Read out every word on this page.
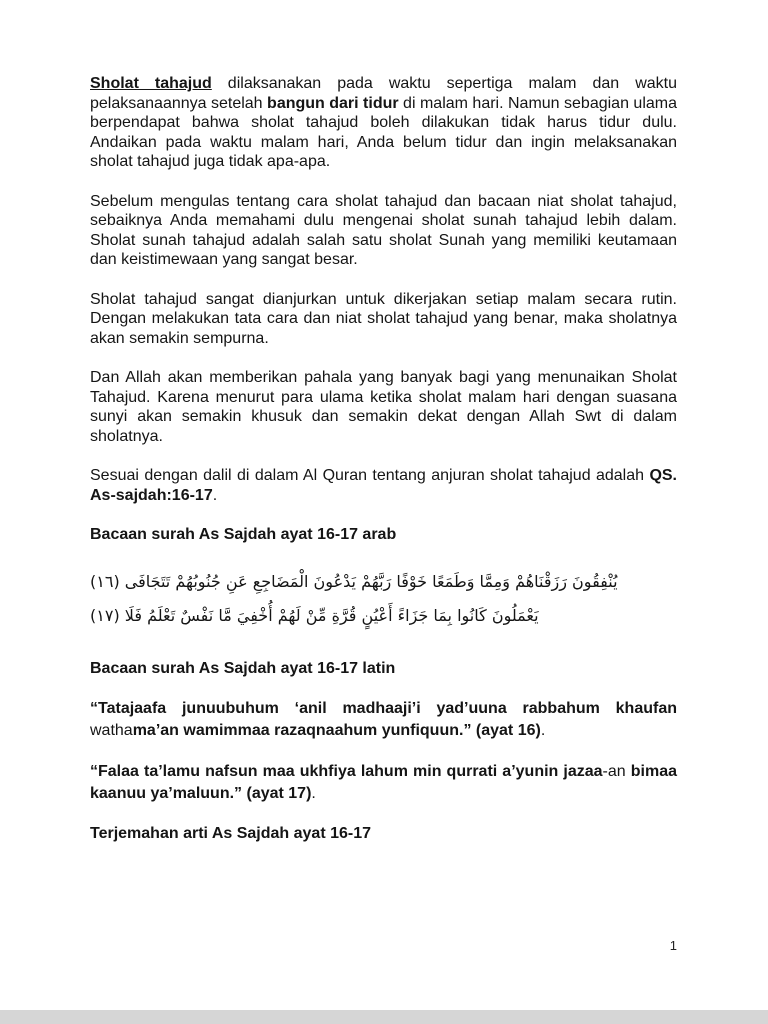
Sholat tahajud dilaksanakan pada waktu sepertiga malam dan waktu pelaksanaannya setelah bangun dari tidur di malam hari. Namun sebagian ulama berpendapat bahwa sholat tahajud boleh dilakukan tidak harus tidur dulu. Andaikan pada waktu malam hari, Anda belum tidur dan ingin melaksanakan sholat tahajud juga tidak apa-apa.

Sebelum mengulas tentang cara sholat tahajud dan bacaan niat sholat tahajud, sebaiknya Anda memahami dulu mengenai sholat sunah tahajud lebih dalam. Sholat sunah tahajud adalah salah satu sholat Sunah yang memiliki keutamaan dan keistimewaan yang sangat besar.

Sholat tahajud sangat dianjurkan untuk dikerjakan setiap malam secara rutin. Dengan melakukan tata cara dan niat sholat tahajud yang benar, maka sholatnya akan semakin sempurna.

Dan Allah akan memberikan pahala yang banyak bagi yang menunaikan Sholat Tahajud. Karena menurut para ulama ketika sholat malam hari dengan suasana sunyi akan semakin khusuk dan semakin dekat dengan Allah Swt di dalam sholatnya.

Sesuai dengan dalil di dalam Al Quran tentang anjuran sholat tahajud adalah QS. As-sajdah:16-17.

Bacaan surah As Sajdah ayat 16-17 arab

(١٦) ‎تَتَجَافَى ‎جُنُوبُهُمْ ‎عَنِ ‎الْمَضَاجِعِ ‎يَدْعُونَ ‎رَبَّهُمْ ‎خَوْفًا ‎وَطَمَعًا ‎وَمِمَّا ‎رَزَقْنَاهُمْ ‎يُنْفِقُونَ
(١٧) ‎فَلَا ‎تَعْلَمُ ‎نَفْسٌ ‎مَّا ‎أُخْفِيَ ‎لَهُمْ ‎مِّنْ ‎قُرَّةِ ‎أَعْيُنٍ ‎جَزَاءً ‎بِمَا ‎كَانُوا ‎يَعْمَلُونَ

Bacaan surah As Sajdah ayat 16-17 latin

“Tatajaafa junuubuhum ‘anil madhaaji’i yad’uuna rabbahum khaufan wathama’an wamimmaa razaqnaahum yunfiquun.” (ayat 16).

“Falaa ta’lamu nafsun maa ukhfiya lahum min qurrati a’yunin jazaa-an bimaa kaanuu ya’maluun.” (ayat 17).

Terjemahan arti As Sajdah ayat 16-17

1
